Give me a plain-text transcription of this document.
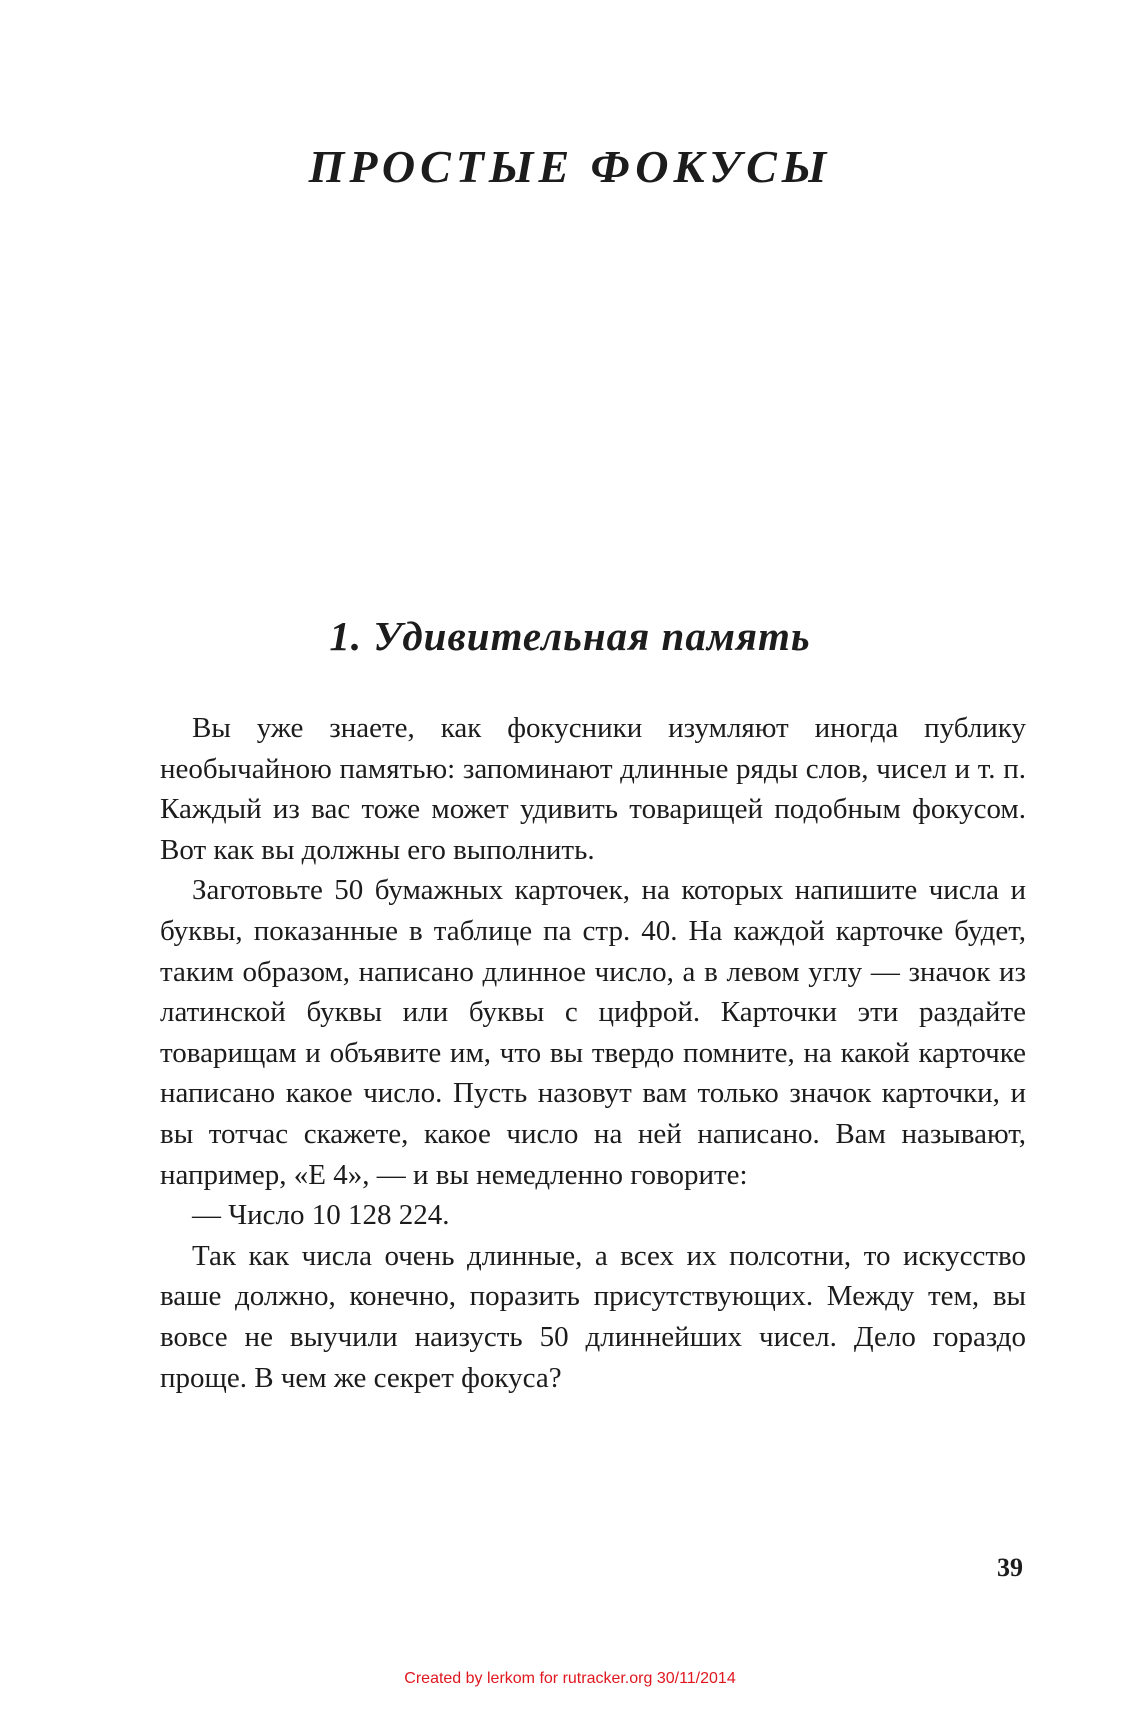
ПРОСТЫЕ ФОКУСЫ
1. Удивительная память

Вы уже знаете, как фокусники изумляют иногда публику необычайною памятью: запоминают длинные ряды слов, чисел и т. п. Каждый из вас тоже может удивить товарищей подобным фокусом. Вот как вы должны его выполнить.

Заготовьте 50 бумажных карточек, на которых напишите числа и буквы, показанные в таблице па стр. 40. На каждой карточке будет, таким образом, написано длинное число, а в левом углу — значок из латинской буквы или буквы с цифрой. Карточки эти раздайте товарищам и объявите им, что вы твердо помните, на какой карточке написано какое число. Пусть назовут вам только значок карточки, и вы тотчас скажете, какое число на ней написано. Вам называют, например, «E 4», — и вы немедленно говорите:

— Число 10 128 224.

Так как числа очень длинные, а всех их полсотни, то искусство ваше должно, конечно, поразить присутствующих. Между тем, вы вовсе не выучили наизусть 50 длиннейших чисел. Дело гораздо проще. В чем же секрет фокуса?

39
Created by lerkom for rutracker.org 30/11/2014
